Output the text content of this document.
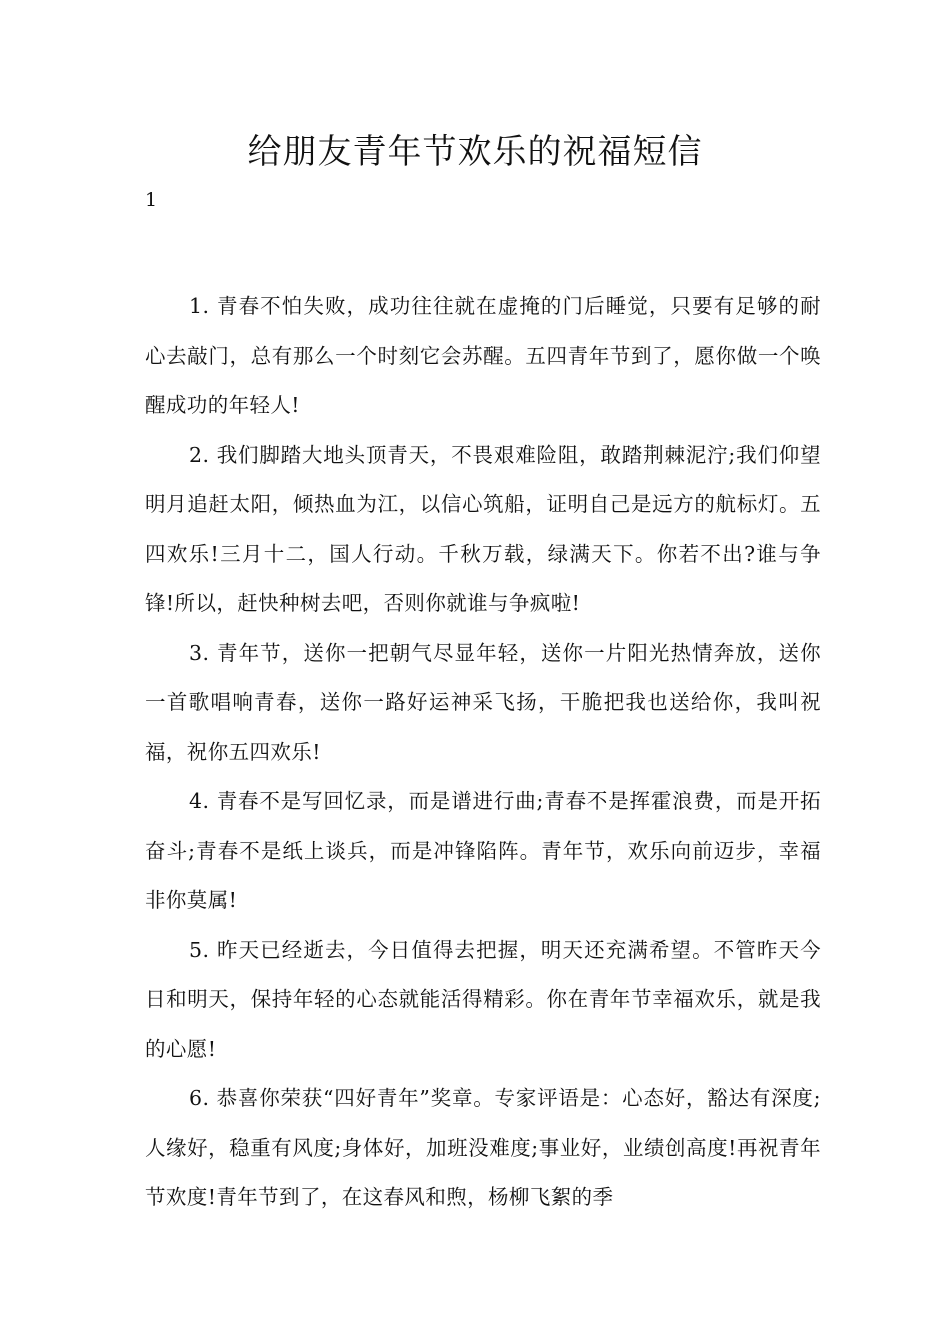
给朋友青年节欢乐的祝福短信
1

1. 青春不怕失败，成功往往就在虚掩的门后睡觉，只要有足够的耐心去敲门，总有那么一个时刻它会苏醒。五四青年节到了，愿你做一个唤醒成功的年轻人!

2. 我们脚踏大地头顶青天，不畏艰难险阻，敢踏荆棘泥泞;我们仰望明月追赶太阳，倾热血为江，以信心筑船，证明自己是远方的航标灯。五四欢乐!三月十二，国人行动。千秋万载，绿满天下。你若不出?谁与争锋!所以，赶快种树去吧，否则你就谁与争疯啦!

3. 青年节，送你一把朝气尽显年轻，送你一片阳光热情奔放，送你一首歌唱响青春，送你一路好运神采飞扬，干脆把我也送给你，我叫祝福，祝你五四欢乐!

4. 青春不是写回忆录，而是谱进行曲;青春不是挥霍浪费，而是开拓奋斗;青春不是纸上谈兵，而是冲锋陷阵。青年节，欢乐向前迈步，幸福非你莫属!

5. 昨天已经逝去，今日值得去把握，明天还充满希望。不管昨天今日和明天，保持年轻的心态就能活得精彩。你在青年节幸福欢乐，就是我的心愿!

6. 恭喜你荣获“四好青年”奖章。专家评语是：心态好，豁达有深度;人缘好，稳重有风度;身体好，加班没难度;事业好，业绩创高度!再祝青年节欢度!青年节到了，在这春风和煦，杨柳飞絮的季
